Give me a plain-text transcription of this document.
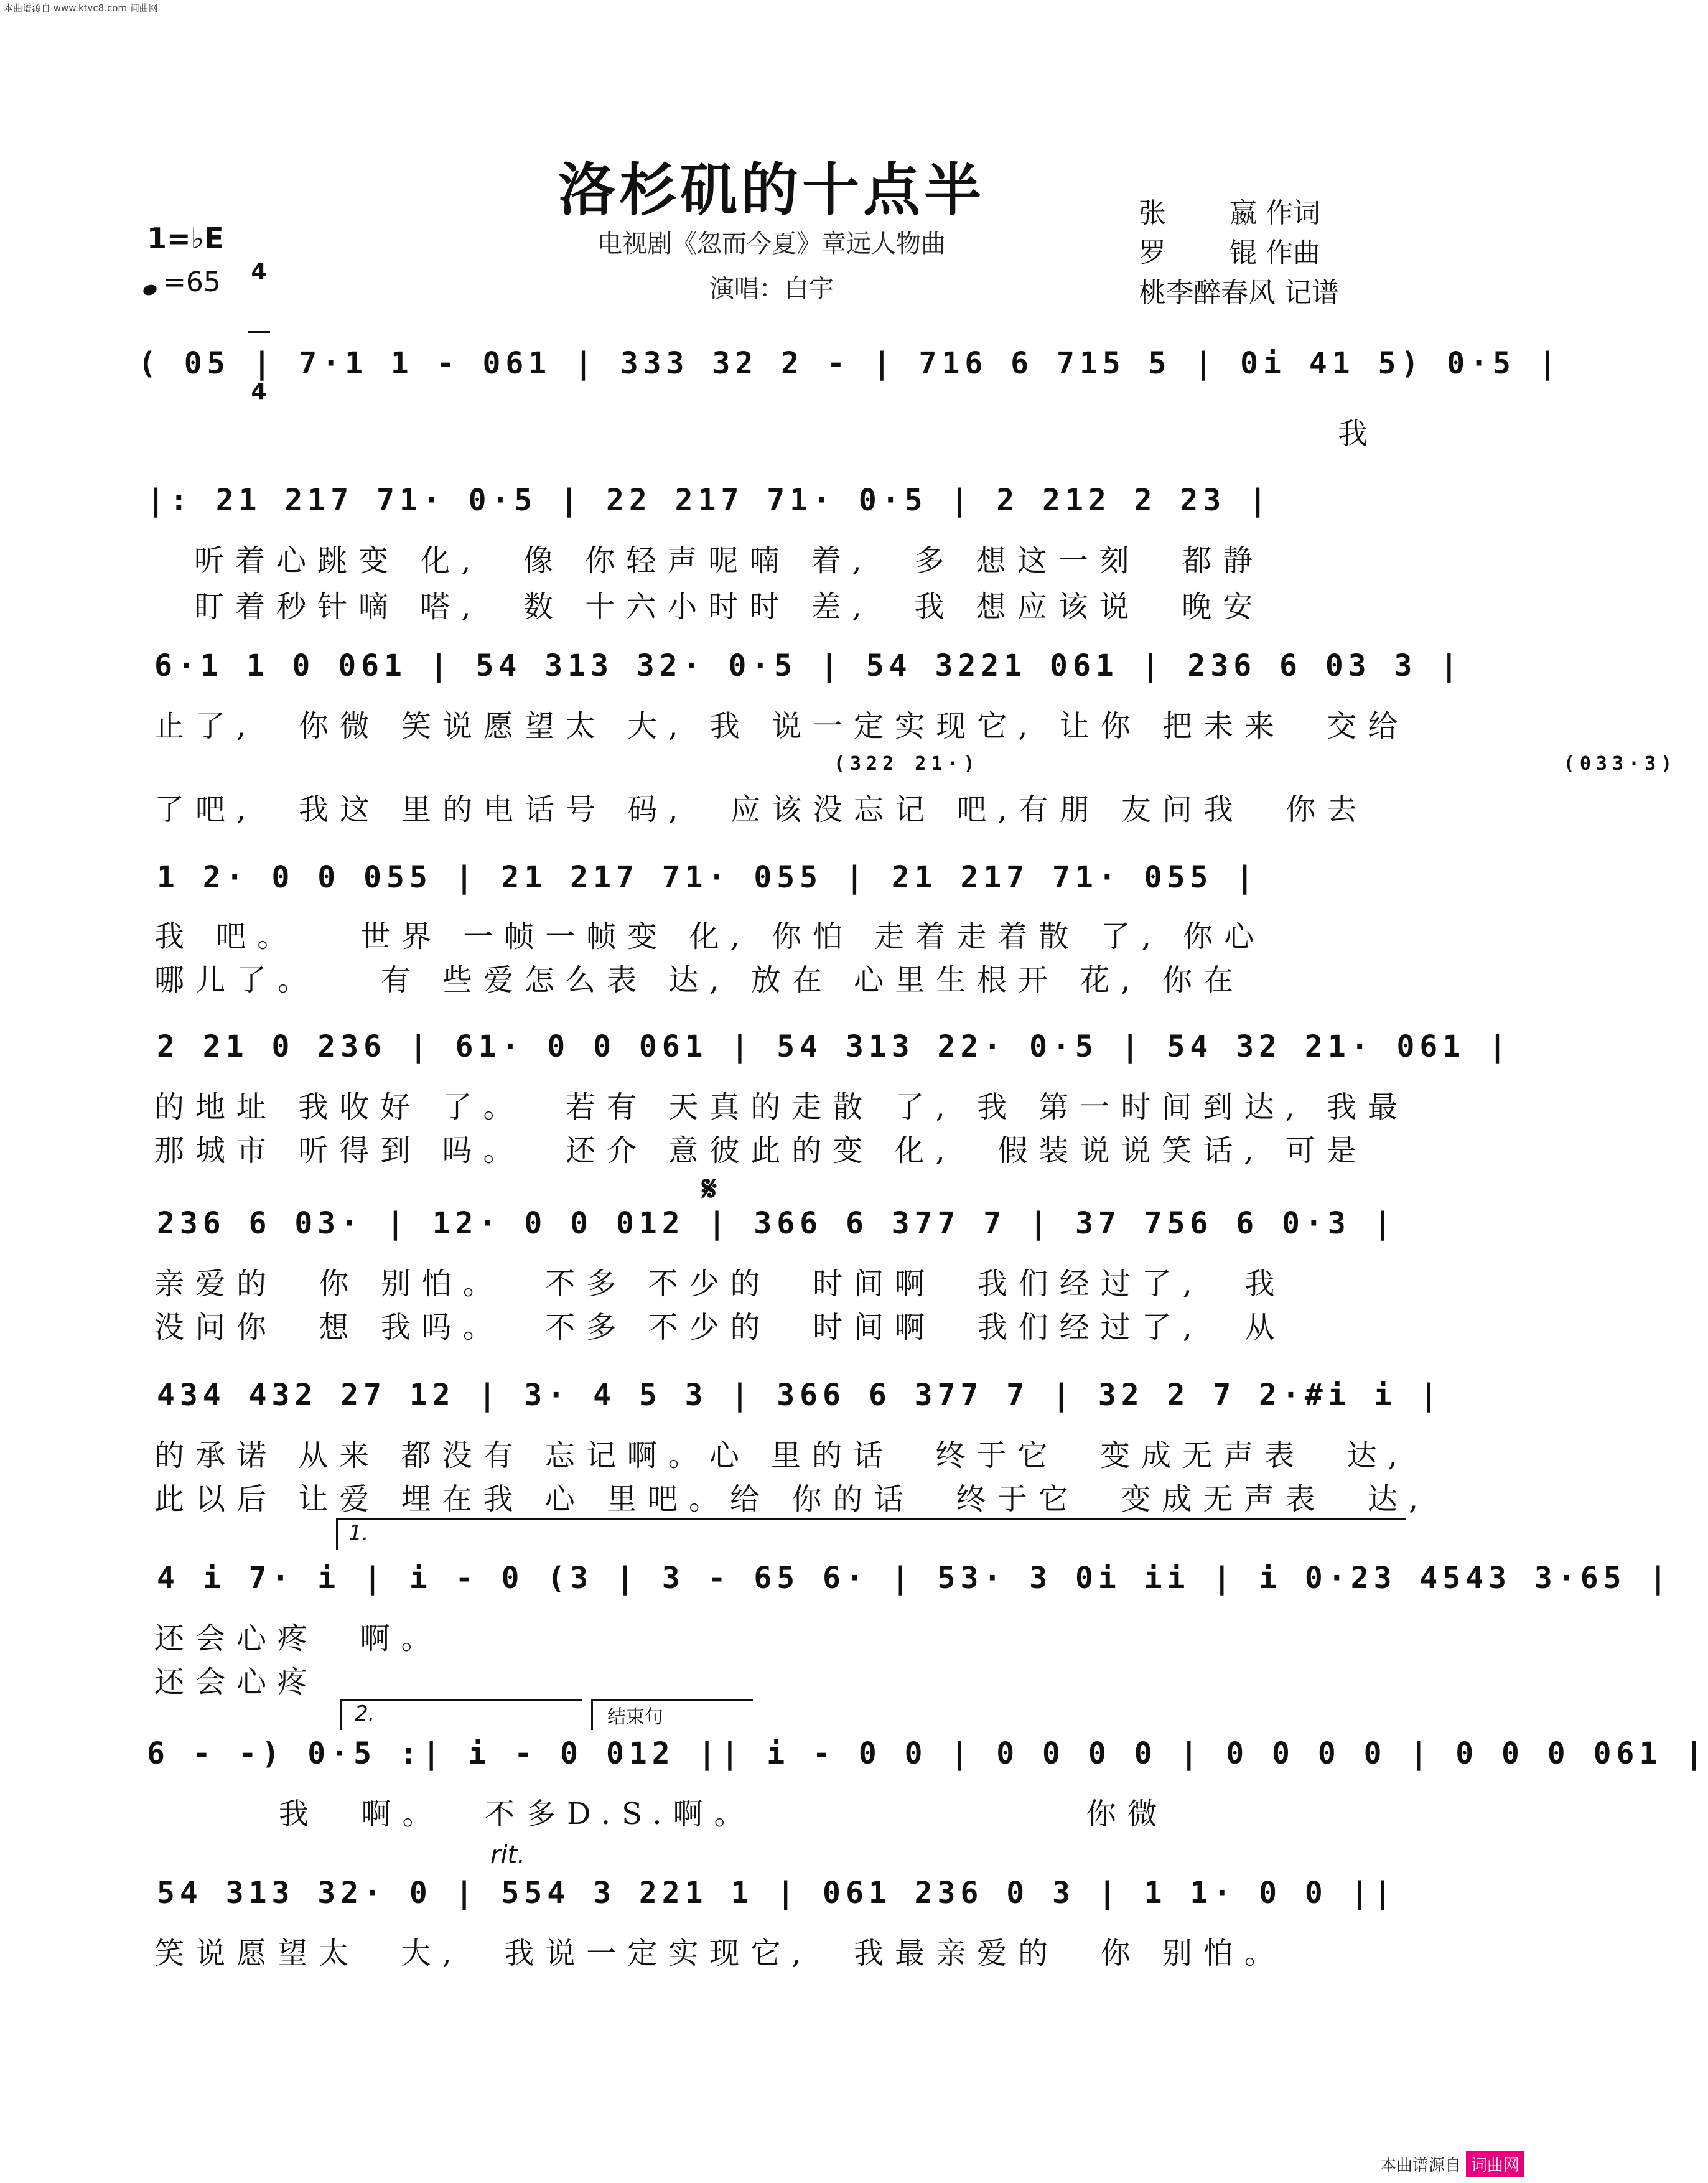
本曲谱源自 www.ktvc8.com 词曲网
洛杉矶的十点半
电视剧《忽而今夏》章远人物曲
演唱：白宇
张　　 嬴 作词
罗　　 锟 作曲
桃李醉春风 记谱
1=♭E

4

4

=65
( 05 | 7·1 1 - 061 | 333 32 2 - | 716 6 715 5 | 0i 41 5) 0·5 |
我
|: 21 217 71· 0·5 | 22 217 71· 0·5 | 2 212 2 23 |
听着心跳变 化,  像 你轻声呢喃 着,  多 想这一刻  都静
盯着秒针嘀 嗒,  数 十六小时时 差,  我 想应该说  晚安
6·1 1 0 061 | 54 313 32· 0·5 | 54 3221 061 | 236 6 03 3 |
止了,  你微 笑说愿望太 大, 我 说一定实现它, 让你 把未来  交给
(322 21·)                                    (033·3)
了吧,  我这 里的电话号 码,  应该没忘记 吧,有朋 友问我  你去
1 2· 0 0 055 | 21 217 71· 055 | 21 217 71· 055 |
我 吧。   世界 一帧一帧变 化, 你怕 走着走着散 了, 你心
哪儿了。   有 些爱怎么表 达, 放在 心里生根开 花, 你在
2 21 0 236 | 61· 0 0 061 | 54 313 22· 0·5 | 54 32 21· 061 |
的地址 我收好 了。  若有 天真的走散 了, 我 第一时间到达, 我最
那城市 听得到 吗。  还介 意彼此的变 化,  假装说说笑话, 可是
𝄋
236 6 03· | 12· 0 0 012 | 366 6 377 7 | 37 756 6 0·3 |
亲爱的  你 别怕。  不多 不少的  时间啊  我们经过了,  我
没问你  想 我吗。  不多 不少的  时间啊  我们经过了,  从
434 432 27 12 | 3· 4 5 3 | 366 6 377 7 | 32 2 7 2·#i i |
的承诺 从来 都没有 忘记啊。心 里的话  终于它  变成无声表  达,
此以后 让爱 埋在我 心 里吧。给 你的话  终于它  变成无声表  达,
1.
4 i 7· i | i - 0 (3 | 3 - 65 6· | 53· 3 0i ii | i 0·23 4543 3·65 |
还会心疼  啊。
还会心疼
2.	结束句
6 - -) 0·5 :| i - 0 012 || i - 0 0 | 0 0 0 0 | 0 0 0 0 | 0 0 0 061 |
我  啊。  不多D.S.啊。                你微
rit.
54 313 32· 0 | 554 3 221 1 | 061 236 0 3 | 1 1· 0 0 ||
笑说愿望太  大,  我说一定实现它,  我最亲爱的  你 别怕。
本曲谱源自 词曲网
